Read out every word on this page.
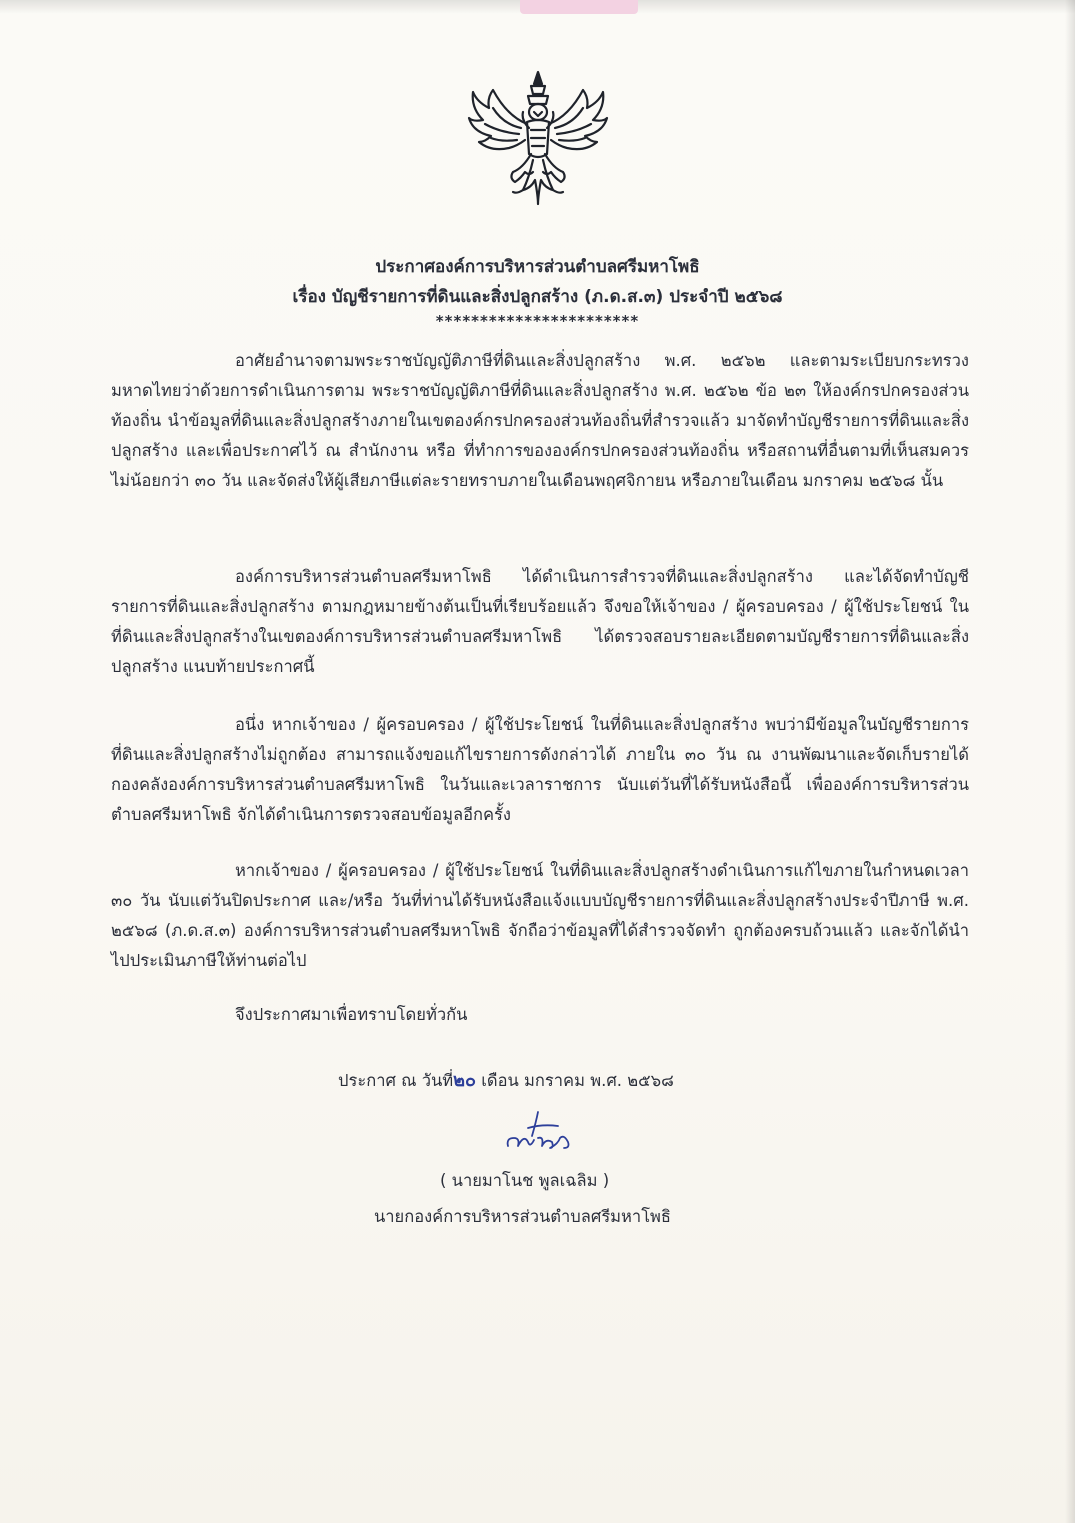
ประกาศองค์การบริหารส่วนตำบลศรีมหาโพธิ
เรื่อง บัญชีรายการที่ดินและสิ่งปลูกสร้าง (ภ.ด.ส.๓) ประจำปี ๒๕๖๘
***********************
อาศัยอำนาจตามพระราชบัญญัติภาษีที่ดินและสิ่งปลูกสร้าง พ.ศ. ๒๕๖๒ และตามระเบียบกระทรวงมหาดไทยว่าด้วยการดำเนินการตาม พระราชบัญญัติภาษีที่ดินและสิ่งปลูกสร้าง พ.ศ. ๒๕๖๒ ข้อ ๒๓ ให้องค์กรปกครองส่วนท้องถิ่น นำข้อมูลที่ดินและสิ่งปลูกสร้างภายในเขตองค์กรปกครองส่วนท้องถิ่นที่สำรวจแล้ว มาจัดทำบัญชีรายการที่ดินและสิ่งปลูกสร้าง และเพื่อประกาศไว้ ณ สำนักงาน หรือ ที่ทำการขององค์กรปกครองส่วนท้องถิ่น หรือสถานที่อื่นตามที่เห็นสมควร ไม่น้อยกว่า ๓๐ วัน และจัดส่งให้ผู้เสียภาษีแต่ละรายทราบภายในเดือนพฤศจิกายน หรือภายในเดือน มกราคม ๒๕๖๘ นั้น
องค์การบริหารส่วนตำบลศรีมหาโพธิ ได้ดำเนินการสำรวจที่ดินและสิ่งปลูกสร้าง และได้จัดทำบัญชีรายการที่ดินและสิ่งปลูกสร้าง ตามกฎหมายข้างต้นเป็นที่เรียบร้อยแล้ว จึงขอให้เจ้าของ / ผู้ครอบครอง / ผู้ใช้ประโยชน์ ในที่ดินและสิ่งปลูกสร้างในเขตองค์การบริหารส่วนตำบลศรีมหาโพธิ ได้ตรวจสอบรายละเอียดตามบัญชีรายการที่ดินและสิ่งปลูกสร้าง แนบท้ายประกาศนี้
อนึ่ง หากเจ้าของ / ผู้ครอบครอง / ผู้ใช้ประโยชน์ ในที่ดินและสิ่งปลูกสร้าง พบว่ามีข้อมูลในบัญชีรายการที่ดินและสิ่งปลูกสร้างไม่ถูกต้อง สามารถแจ้งขอแก้ไขรายการดังกล่าวได้ ภายใน ๓๐ วัน ณ งานพัฒนาและจัดเก็บรายได้ กองคลังองค์การบริหารส่วนตำบลศรีมหาโพธิ ในวันและเวลาราชการ นับแต่วันที่ได้รับหนังสือนี้ เพื่อองค์การบริหารส่วนตำบลศรีมหาโพธิ จักได้ดำเนินการตรวจสอบข้อมูลอีกครั้ง
หากเจ้าของ / ผู้ครอบครอง / ผู้ใช้ประโยชน์ ในที่ดินและสิ่งปลูกสร้างดำเนินการแก้ไขภายในกำหนดเวลา ๓๐ วัน นับแต่วันปิดประกาศ และ/หรือ วันที่ท่านได้รับหนังสือแจ้งแบบบัญชีรายการที่ดินและสิ่งปลูกสร้างประจำปีภาษี พ.ศ. ๒๕๖๘ (ภ.ด.ส.๓) องค์การบริหารส่วนตำบลศรีมหาโพธิ จักถือว่าข้อมูลที่ได้สำรวจจัดทำ ถูกต้องครบถ้วนแล้ว และจักได้นำไปประเมินภาษีให้ท่านต่อไป
จึงประกาศมาเพื่อทราบโดยทั่วกัน
ประกาศ ณ วันที่๒๐ เดือน มกราคม พ.ศ. ๒๕๖๘
( นายมาโนช พูลเฉลิม )
นายกองค์การบริหารส่วนตำบลศรีมหาโพธิ
